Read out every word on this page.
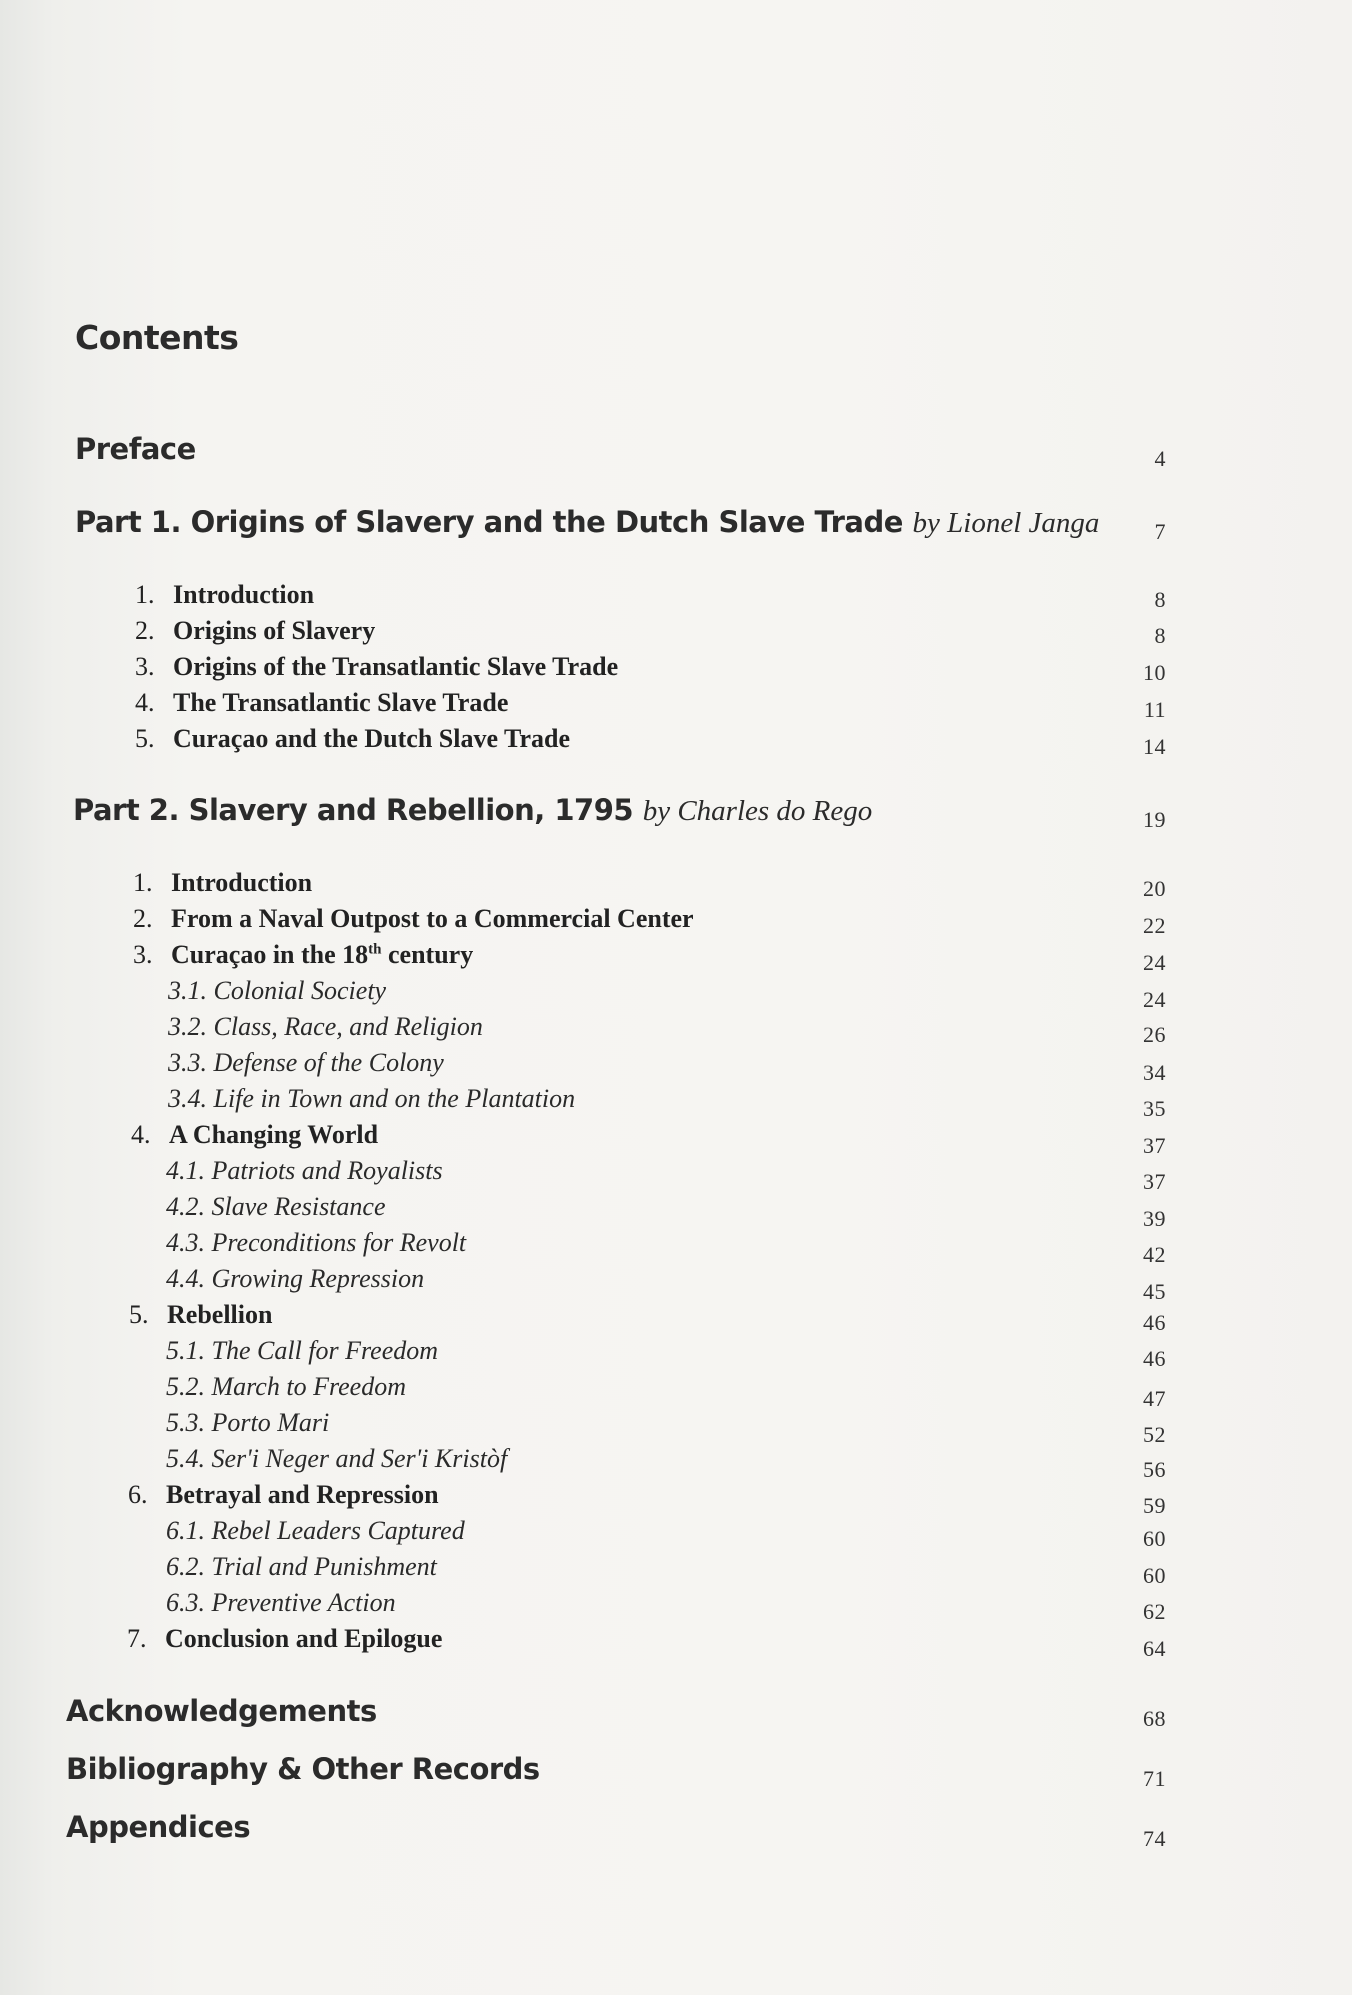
Contents
Preface	4
Part 1. Origins of Slavery and the Dutch Slave Trade by Lionel Janga	7
1. Introduction	8
2. Origins of Slavery	8
3. Origins of the Transatlantic Slave Trade	10
4. The Transatlantic Slave Trade	11
5. Curaçao and the Dutch Slave Trade	14
Part 2. Slavery and Rebellion, 1795 by Charles do Rego	19
1. Introduction	20
2. From a Naval Outpost to a Commercial Center	22
3. Curaçao in the 18th century	24
3.1. Colonial Society	24
3.2. Class, Race, and Religion	26
3.3. Defense of the Colony	34
3.4. Life in Town and on the Plantation	35
4. A Changing World	37
4.1. Patriots and Royalists	37
4.2. Slave Resistance	39
4.3. Preconditions for Revolt	42
4.4. Growing Repression	45
5. Rebellion	46
5.1. The Call for Freedom	46
5.2. March to Freedom	47
5.3. Porto Mari	52
5.4. Ser'i Neger and Ser'i Kristòf	56
6. Betrayal and Repression	59
6.1. Rebel Leaders Captured	60
6.2. Trial and Punishment	60
6.3. Preventive Action	62
7. Conclusion and Epilogue	64
Acknowledgements	68
Bibliography & Other Records	71
Appendices	74
